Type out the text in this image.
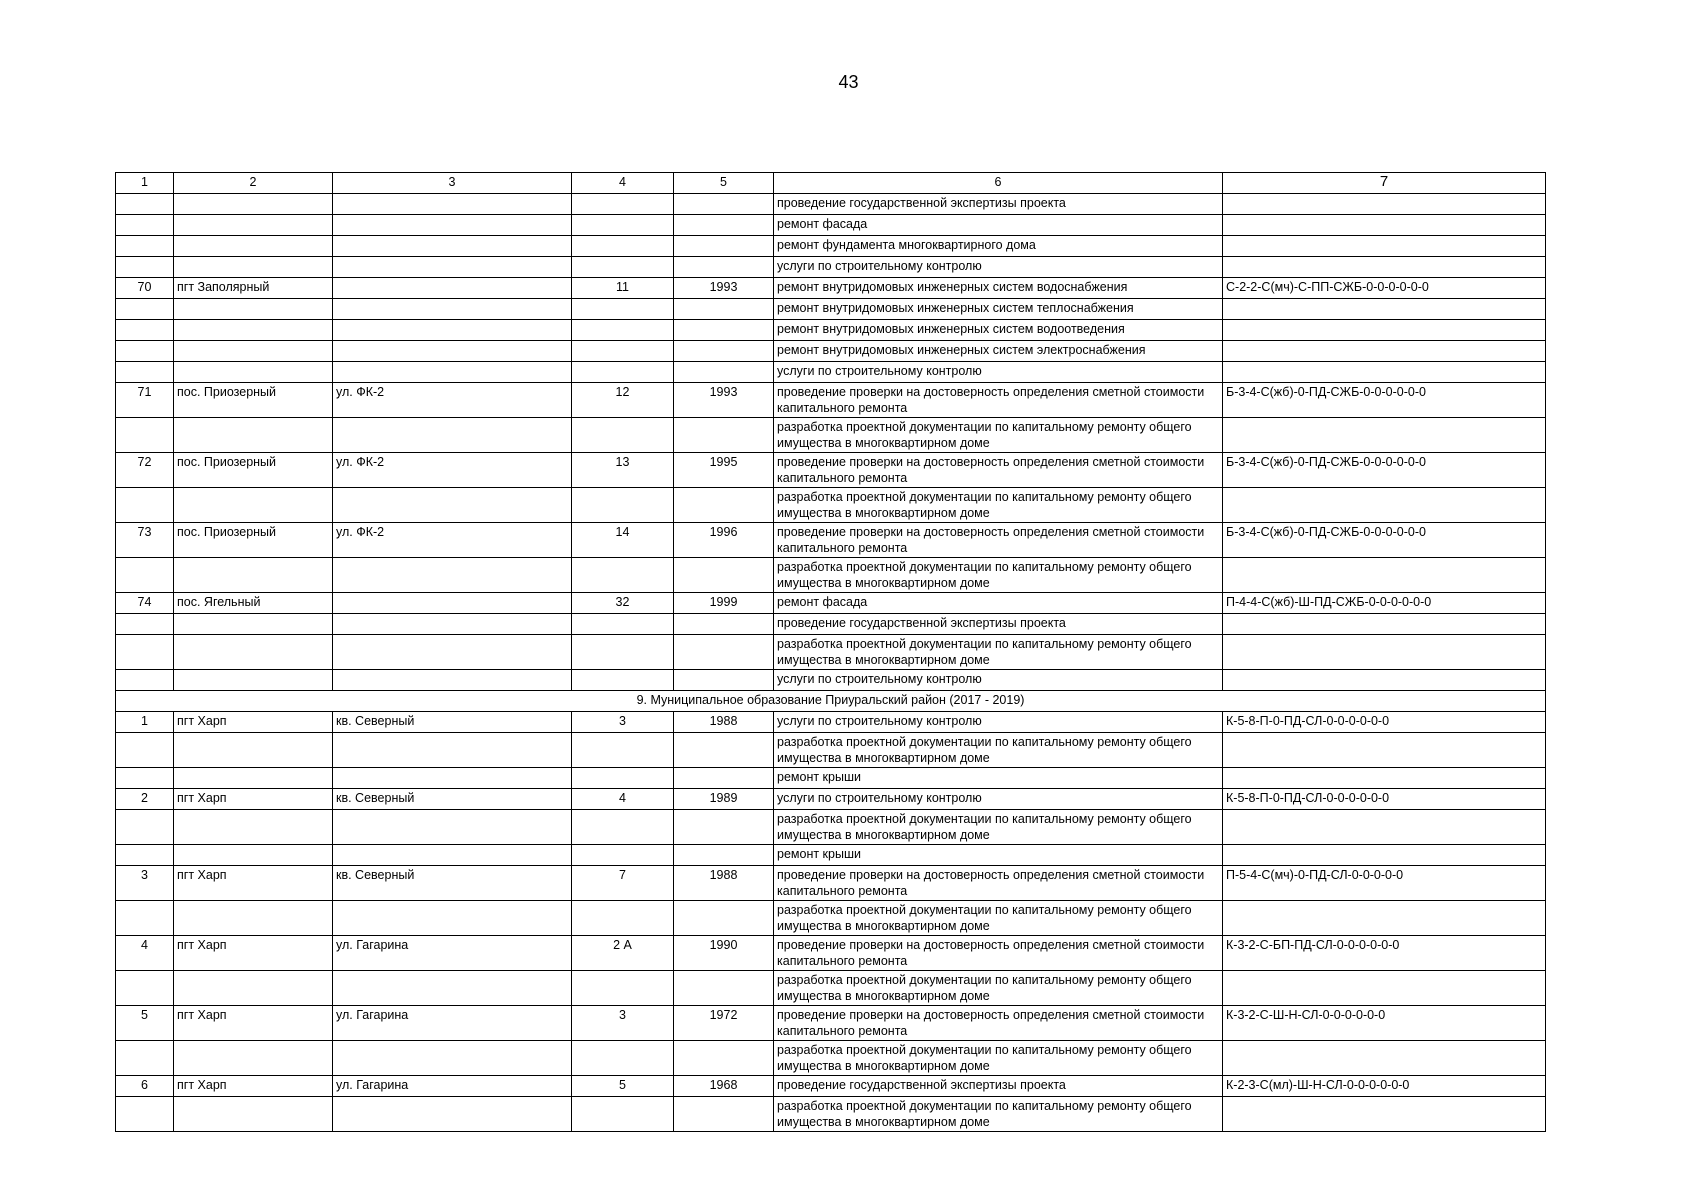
43
1	2	3	4	5	6	7
					проведение государственной экспертизы проекта	
					ремонт фасада	
					ремонт фундамента многоквартирного дома	
					услуги по строительному контролю	
70	пгт Заполярный		11	1993	ремонт внутридомовых инженерных систем водоснабжения	С-2-2-С(мч)-С-ПП-СЖБ-0-0-0-0-0-0
					ремонт внутридомовых инженерных систем теплоснабжения	
					ремонт внутридомовых инженерных систем водоотведения	
					ремонт внутридомовых инженерных систем электроснабжения	
					услуги по строительному контролю	
71	пос. Приозерный	ул. ФК-2	12	1993	проведение проверки на достоверность определения сметной стоимости капитального ремонта	Б-3-4-С(жб)-0-ПД-СЖБ-0-0-0-0-0-0
					разработка проектной документации по капитальному ремонту общего имущества в многоквартирном доме	
72	пос. Приозерный	ул. ФК-2	13	1995	проведение проверки на достоверность определения сметной стоимости капитального ремонта	Б-3-4-С(жб)-0-ПД-СЖБ-0-0-0-0-0-0
					разработка проектной документации по капитальному ремонту общего имущества в многоквартирном доме	
73	пос. Приозерный	ул. ФК-2	14	1996	проведение проверки на достоверность определения сметной стоимости капитального ремонта	Б-3-4-С(жб)-0-ПД-СЖБ-0-0-0-0-0-0
					разработка проектной документации по капитальному ремонту общего имущества в многоквартирном доме	
74	пос. Ягельный		32	1999	ремонт фасада	П-4-4-С(жб)-Ш-ПД-СЖБ-0-0-0-0-0-0
					проведение государственной экспертизы проекта	
					разработка проектной документации по капитальному ремонту общего имущества в многоквартирном доме	
					услуги по строительному контролю	
9. Муниципальное образование Приуральский район (2017 - 2019)						
1	пгт Харп	кв. Северный	3	1988	услуги по строительному контролю	К-5-8-П-0-ПД-СЛ-0-0-0-0-0-0
					разработка проектной документации по капитальному ремонту общего имущества в многоквартирном доме	
					ремонт крыши	
2	пгт Харп	кв. Северный	4	1989	услуги по строительному контролю	К-5-8-П-0-ПД-СЛ-0-0-0-0-0-0
					разработка проектной документации по капитальному ремонту общего имущества в многоквартирном доме	
					ремонт крыши	
3	пгт Харп	кв. Северный	7	1988	проведение проверки на достоверность определения сметной стоимости капитального ремонта	П-5-4-С(мч)-0-ПД-СЛ-0-0-0-0-0
					разработка проектной документации по капитальному ремонту общего имущества в многоквартирном доме	
4	пгт Харп	ул. Гагарина	2 А	1990	проведение проверки на достоверность определения сметной стоимости капитального ремонта	К-3-2-С-БП-ПД-СЛ-0-0-0-0-0-0
					разработка проектной документации по капитальному ремонту общего имущества в многоквартирном доме	
5	пгт Харп	ул. Гагарина	3	1972	проведение проверки на достоверность определения сметной стоимости капитального ремонта	К-3-2-С-Ш-Н-СЛ-0-0-0-0-0-0
					разработка проектной документации по капитальному ремонту общего имущества в многоквартирном доме	
6	пгт Харп	ул. Гагарина	5	1968	проведение государственной экспертизы проекта	К-2-3-С(мл)-Ш-Н-СЛ-0-0-0-0-0-0
					разработка проектной документации по капитальному ремонту общего имущества в многоквартирном доме	
